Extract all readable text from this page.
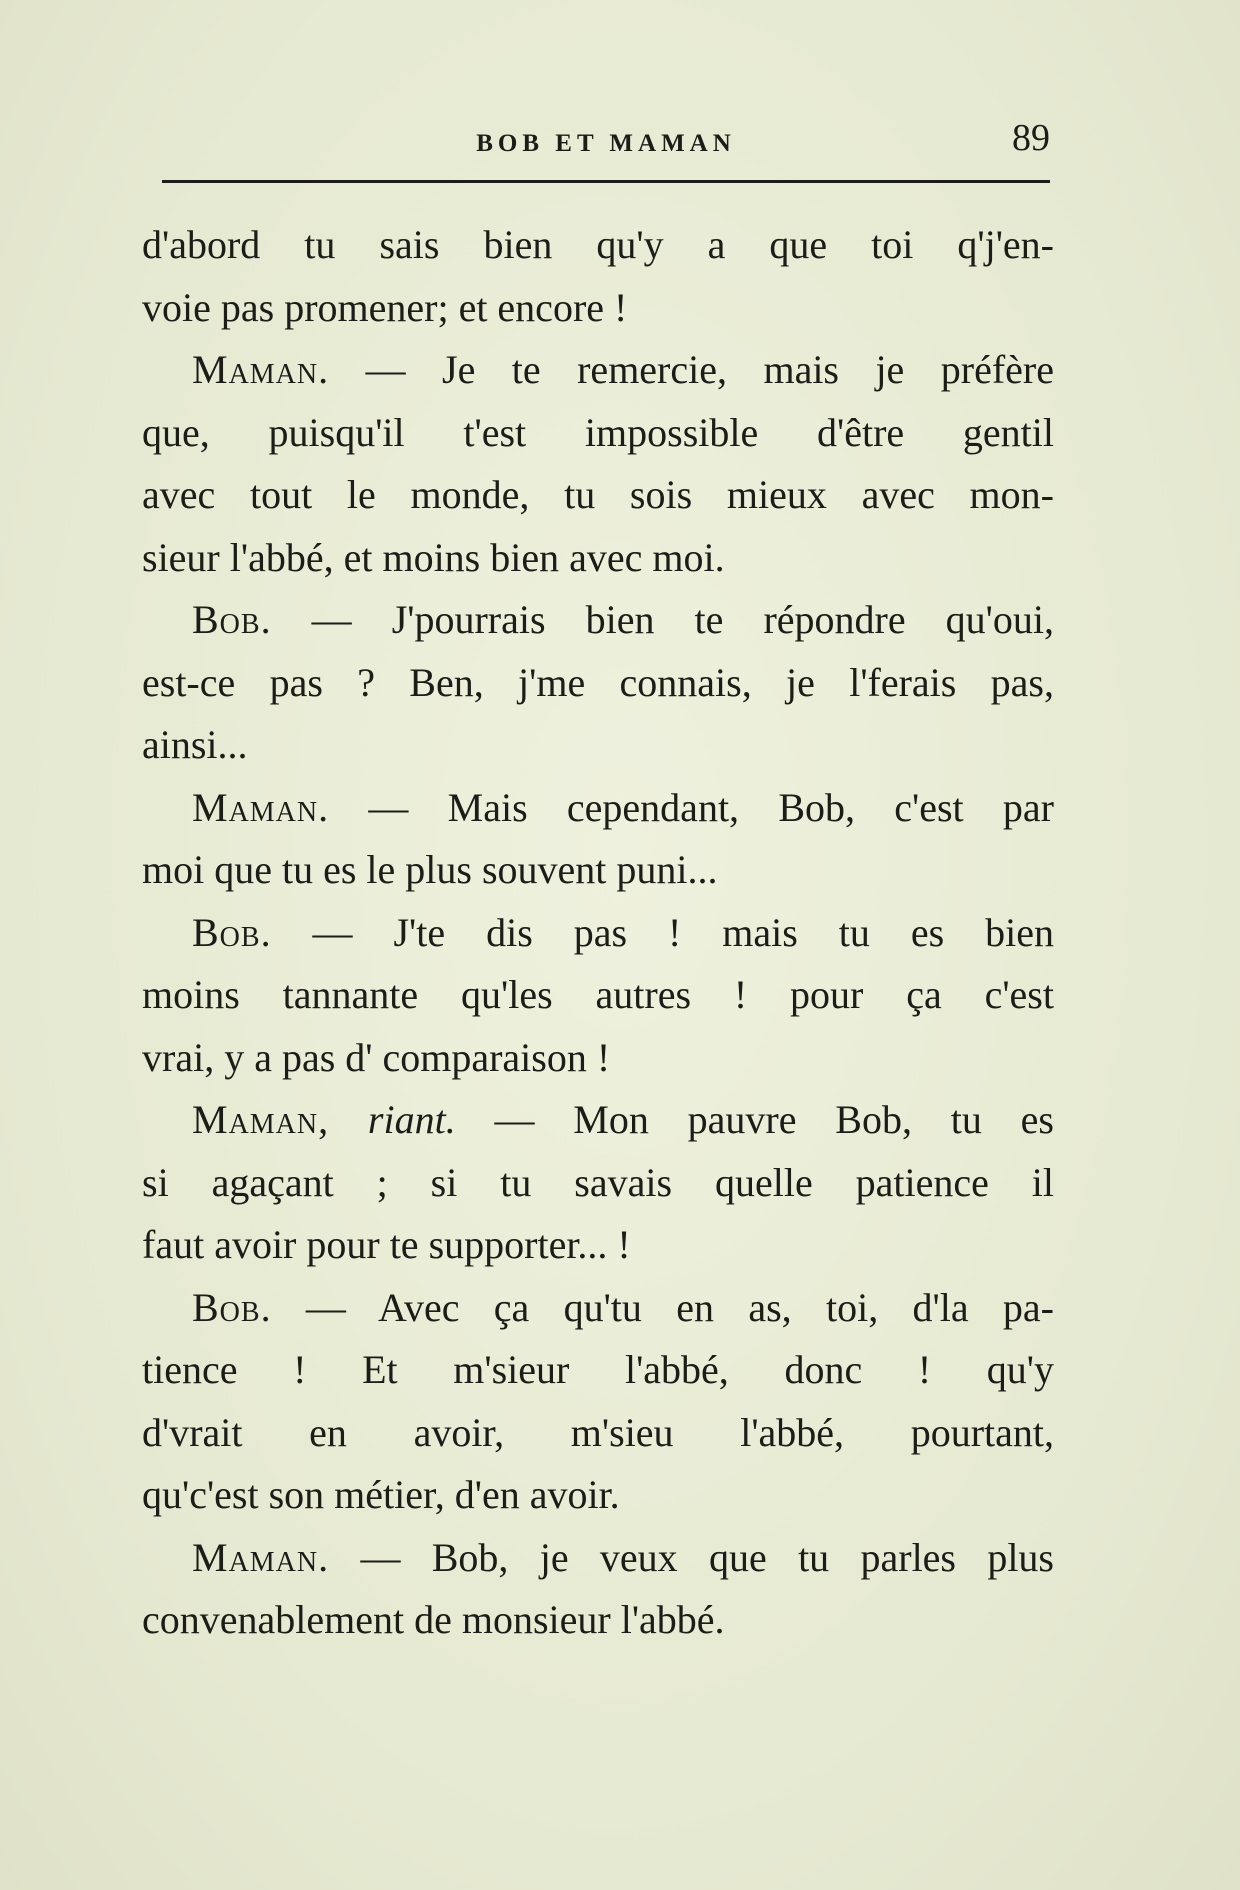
BOB ET MAMAN	89
d'abord tu sais bien qu'y a que toi q'j'en-
voie pas promener; et encore !
Maman. — Je te remercie, mais je préfère
que, puisqu'il t'est impossible d'être gentil
avec tout le monde, tu sois mieux avec mon-
sieur l'abbé, et moins bien avec moi.
Bob. — J'pourrais bien te répondre qu'oui,
est-ce pas ? Ben, j'me connais, je l'ferais pas,
ainsi...
Maman. — Mais cependant, Bob, c'est par
moi que tu es le plus souvent puni...
Bob. — J'te dis pas ! mais tu es bien
moins tannante qu'les autres ! pour ça c'est
vrai, y a pas d' comparaison !
Maman, riant. — Mon pauvre Bob, tu es
si agaçant ; si tu savais quelle patience il
faut avoir pour te supporter... !
Bob. — Avec ça qu'tu en as, toi, d'la pa-
tience ! Et m'sieur l'abbé, donc ! qu'y
d'vrait en avoir, m'sieu l'abbé, pourtant,
qu'c'est son métier, d'en avoir.
Maman. — Bob, je veux que tu parles plus
convenablement de monsieur l'abbé.
